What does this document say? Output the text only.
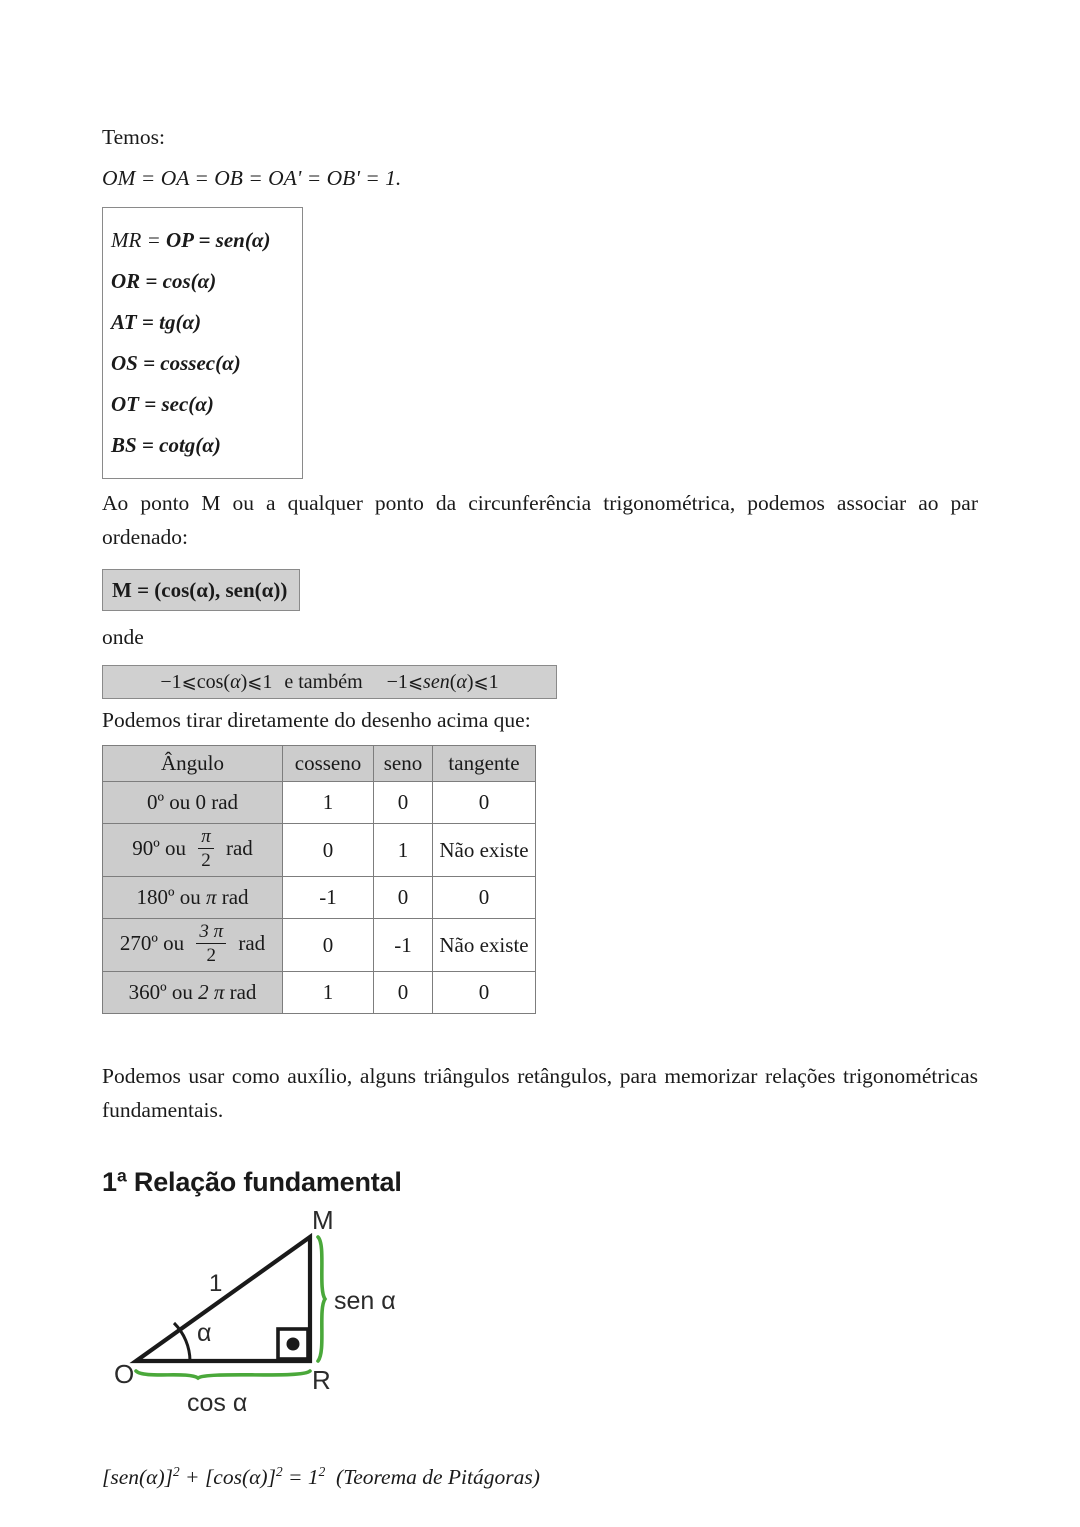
Temos:
OM = OA = OB = OA' = OB' = 1.
MR = OP = sen(α)
OR = cos(α)
AT = tg(α)
OS = cossec(α)
OT = sec(α)
BS = cotg(α)
Ao ponto M ou a qualquer ponto da circunferência trigonométrica, podemos associar ao par ordenado:
M = (cos(α), sen(α))
onde
−1⩽cos(α)⩽1 e também −1⩽sen(α)⩽1
Podemos tirar diretamente do desenho acima que:
Ângulo	cosseno	seno	tangente
0º ou 0 rad	1	0	0
90º ou $\frac{\pi}{2}$ rad	0	1	Não existe
180º ou π rad	-1	0	0
270º ou $\frac{3 \pi}{2}$ rad	0	-1	Não existe
360º ou 2 π rad	1	0	0
Podemos usar como auxílio, alguns triângulos retângulos, para memorizar relações trigonométricas fundamentais.
1ª Relação fundamental
M
O	R
1
α
sen α
cos α
$[sen(\alpha)]^2 + [\cos(\alpha)]^2 = 1^2$ (Teorema de Pitágoras)
